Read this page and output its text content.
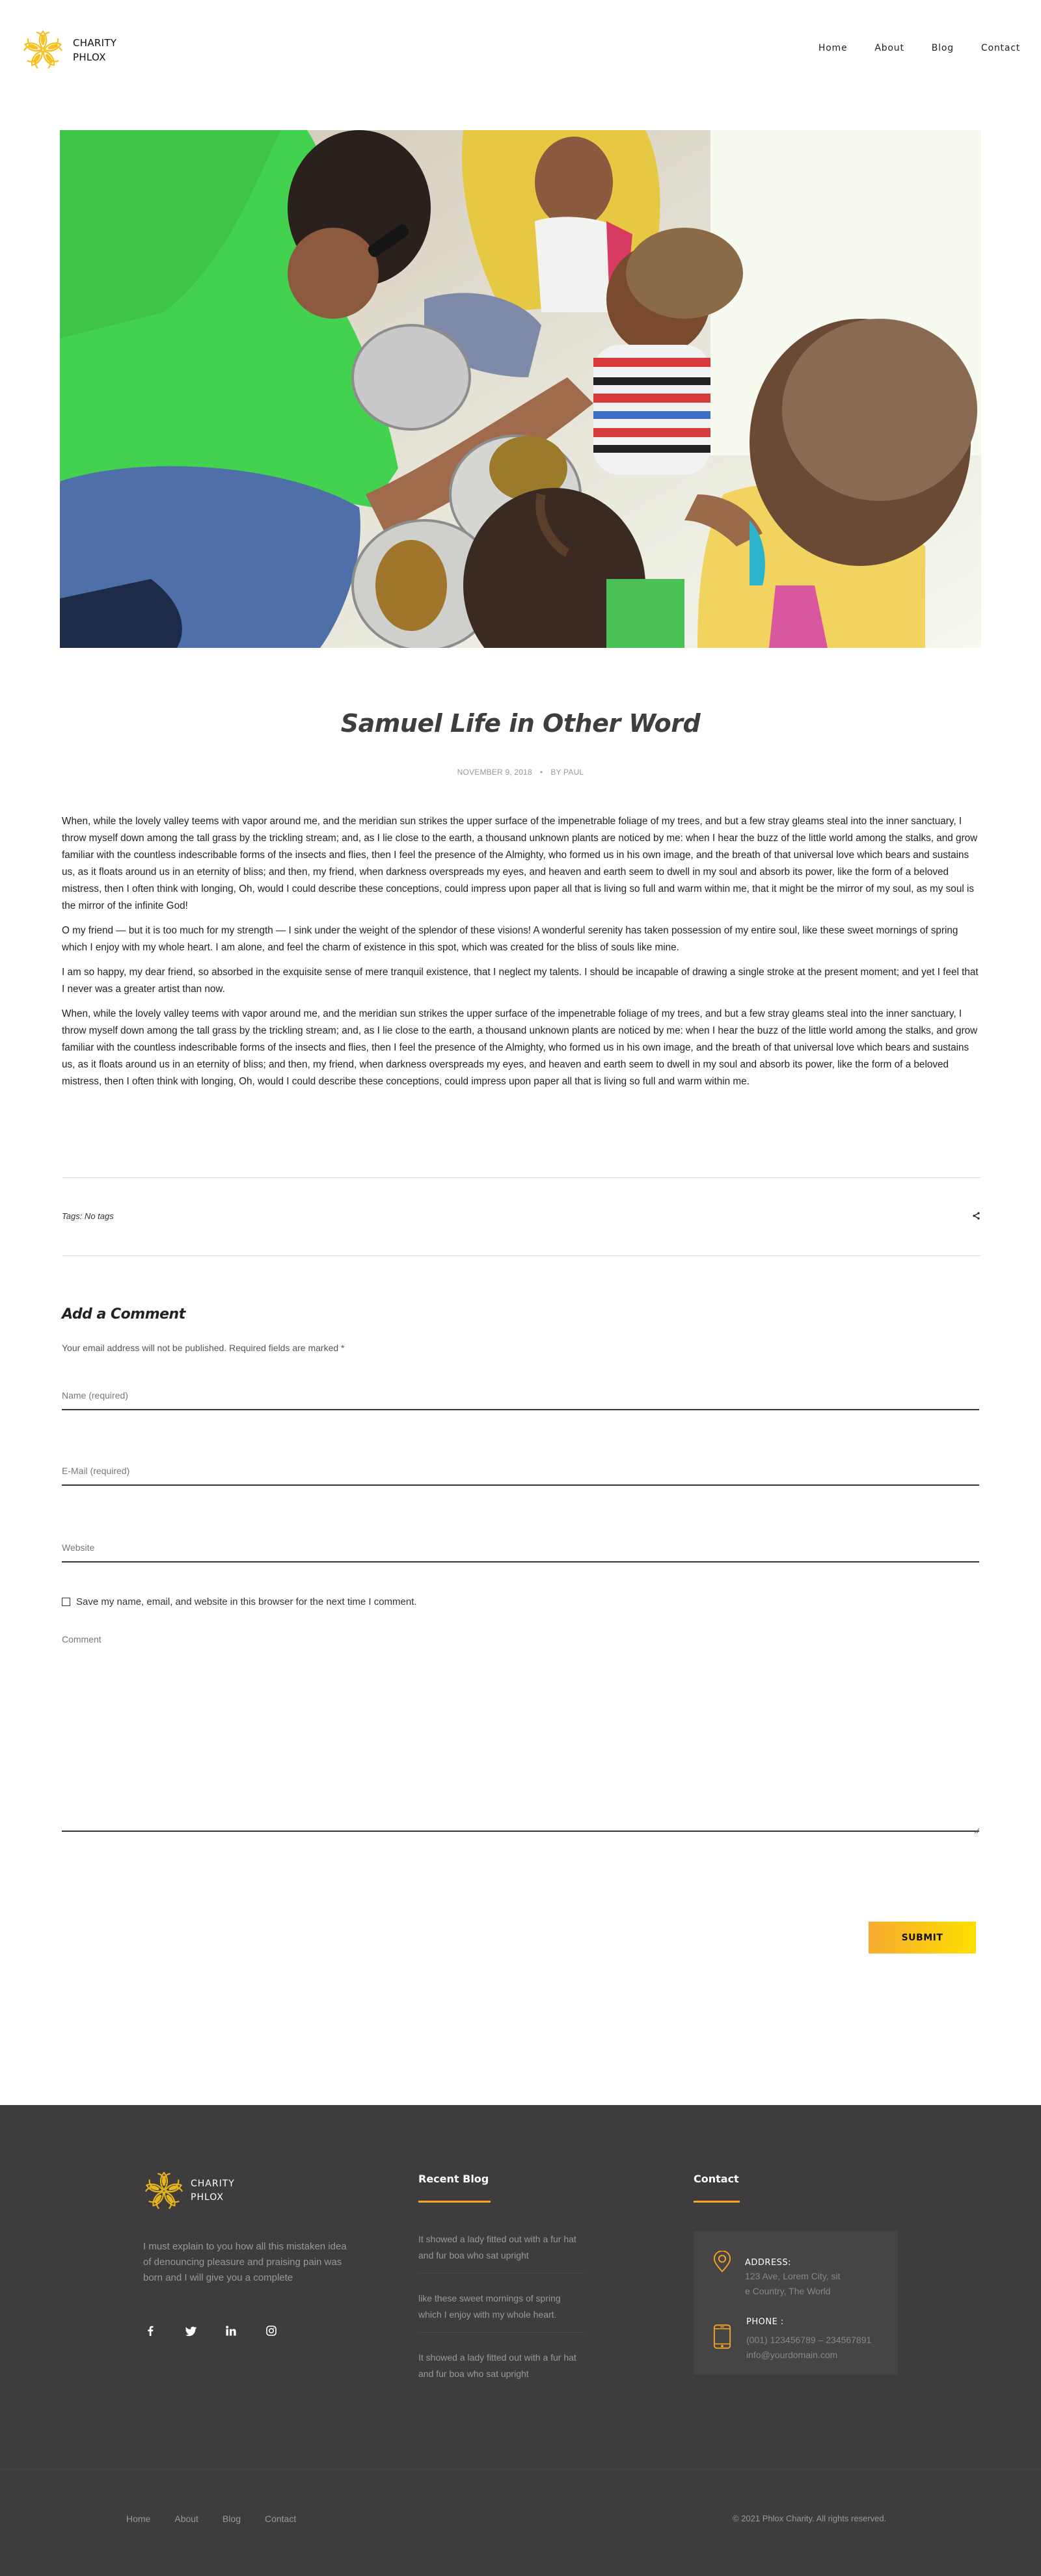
CHARITY
PHLOX
Home	About	Blog	Contact
Samuel Life in Other Word
NOVEMBER 9, 2018 • BY PAUL

When, while the lovely valley teems with vapor around me, and the meridian sun strikes the upper surface of the impenetrable foliage of my trees, and but a few stray gleams steal into the inner sanctuary, I throw myself down among the tall grass by the trickling stream; and, as I lie close to the earth, a thousand unknown plants are noticed by me: when I hear the buzz of the little world among the stalks, and grow familiar with the countless indescribable forms of the insects and flies, then I feel the presence of the Almighty, who formed us in his own image, and the breath of that universal love which bears and sustains us, as it floats around us in an eternity of bliss; and then, my friend, when darkness overspreads my eyes, and heaven and earth seem to dwell in my soul and absorb its power, like the form of a beloved mistress, then I often think with longing, Oh, would I could describe these conceptions, could impress upon paper all that is living so full and warm within me, that it might be the mirror of my soul, as my soul is the mirror of the infinite God!

O my friend — but it is too much for my strength — I sink under the weight of the splendor of these visions! A wonderful serenity has taken possession of my entire soul, like these sweet mornings of spring which I enjoy with my whole heart. I am alone, and feel the charm of existence in this spot, which was created for the bliss of souls like mine.

I am so happy, my dear friend, so absorbed in the exquisite sense of mere tranquil existence, that I neglect my talents. I should be incapable of drawing a single stroke at the present moment; and yet I feel that I never was a greater artist than now.

When, while the lovely valley teems with vapor around me, and the meridian sun strikes the upper surface of the impenetrable foliage of my trees, and but a few stray gleams steal into the inner sanctuary, I throw myself down among the tall grass by the trickling stream; and, as I lie close to the earth, a thousand unknown plants are noticed by me: when I hear the buzz of the little world among the stalks, and grow familiar with the countless indescribable forms of the insects and flies, then I feel the presence of the Almighty, who formed us in his own image, and the breath of that universal love which bears and sustains us, as it floats around us in an eternity of bliss; and then, my friend, when darkness overspreads my eyes, and heaven and earth seem to dwell in my soul and absorb its power, like the form of a beloved mistress, then I often think with longing, Oh, would I could describe these conceptions, could impress upon paper all that is living so full and warm within me.

Tags: No tags
Add a Comment
Your email address will not be published. Required fields are marked *
Name (required)
E-Mail (required)
Website
Save my name, email, and website in this browser for the next time I comment.
Comment
SUBMIT
CHARITY
PHLOX

I must explain to you how all this mistaken idea of denouncing pleasure and praising pain was born and I will give you a complete

Recent Blog
It showed a lady fitted out with a fur hat and fur boa who sat upright
like these sweet mornings of spring which I enjoy with my whole heart.
It showed a lady fitted out with a fur hat and fur boa who sat upright
Contact
ADDRESS:
123 Ave, Lorem City, sit
e Country, The World
PHONE :
(001) 123456789 – 234567891
info@yourdomain.com
Home	About	Blog	Contact	© 2021 Phlox Charity. All rights reserved.
